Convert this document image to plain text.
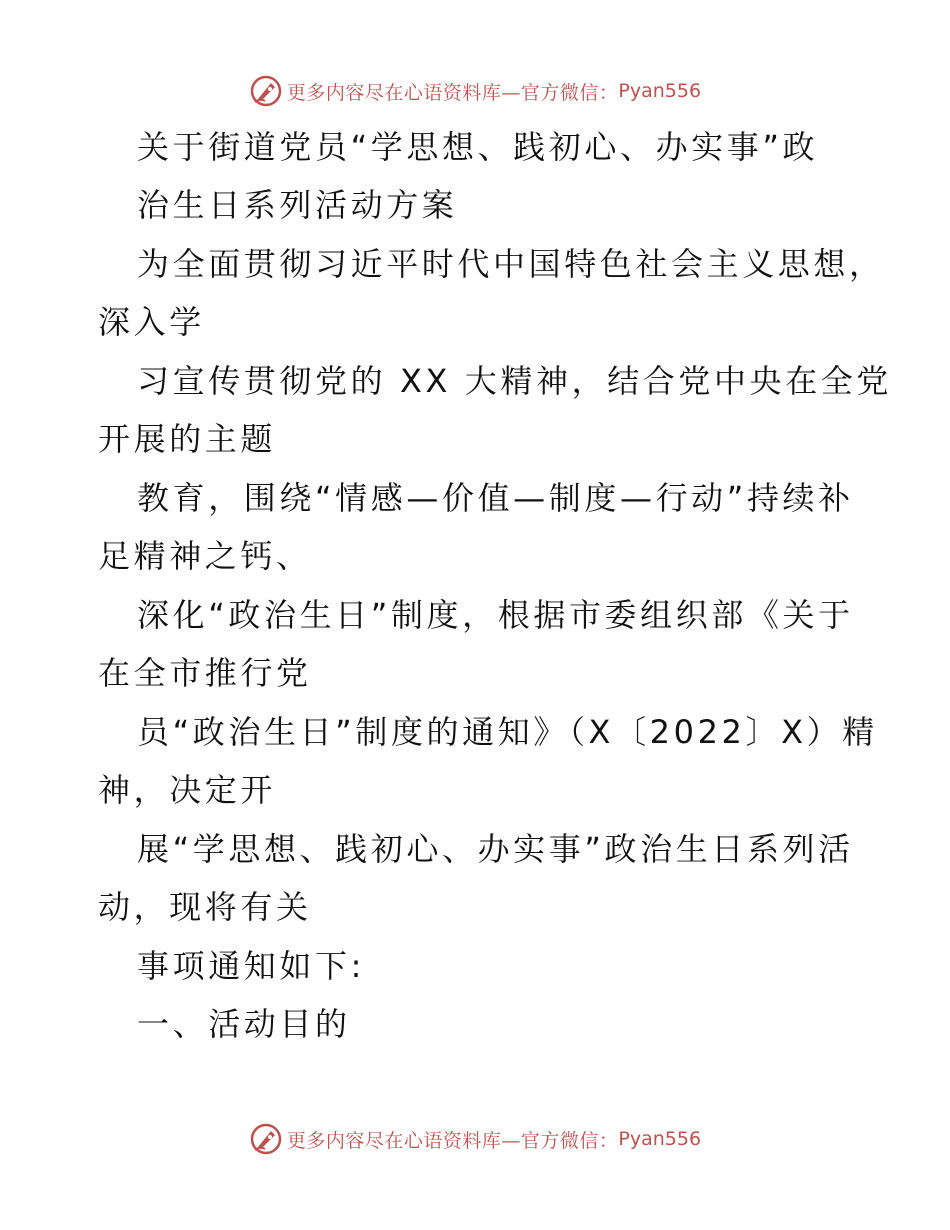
更多内容尽在心语资料库—官方微信： Pyan556
关于街道党员“学思想、践初心、办实事”政
治生日系列活动方案
为全面贯彻习近平时代中国特色社会主义思想，
深入学
习宣传贯彻党的 XX 大精神，结合党中央在全党
开展的主题
教育，围绕“情感—价值—制度—行动”持续补
足精神之钙、
深化“政治生日”制度，根据市委组织部《关于
在全市推行党
员“政治生日”制度的通知》（X〔2022〕X）精
神，决定开
展“学思想、践初心、办实事”政治生日系列活
动，现将有关
事项通知如下:
一、活动目的
更多内容尽在心语资料库—官方微信： Pyan556
